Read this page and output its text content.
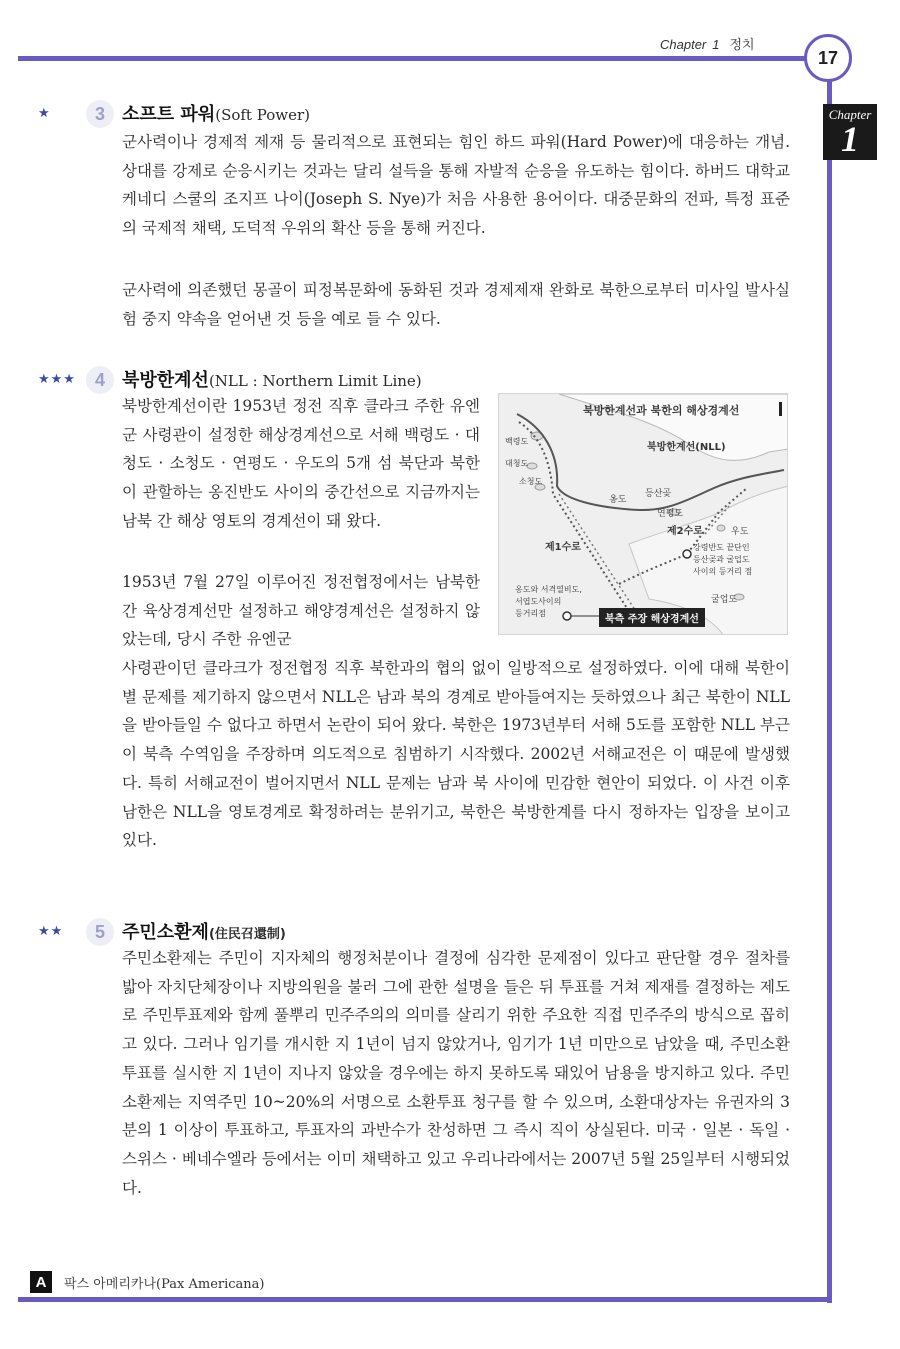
Chapter 1 정치
17
Chapter
1
★	3 소프트 파워(Soft Power)

군사력이나 경제적 제재 등 물리적으로 표현되는 힘인 하드 파워(Hard Power)에 대응하는 개념. 상대를 강제로 순응시키는 것과는 달리 설득을 통해 자발적 순응을 유도하는 힘이다. 하버드 대학교 케네디 스쿨의 조지프 나이(Joseph S. Nye)가 처음 사용한 용어이다. 대중문화의 전파, 특정 표준의 국제적 채택, 도덕적 우위의 확산 등을 통해 커진다.

군사력에 의존했던 몽골이 피정복문화에 동화된 것과 경제제재 완화로 북한으로부터 미사일 발사실험 중지 약속을 얻어낸 것 등을 예로 들 수 있다.

★★★	4 북방한계선(NLL : Northern Limit Line)

북방한계선이란 1953년 정전 직후 클라크 주한 유엔군 사령관이 설정한 해상경계선으로 서해 백령도 · 대청도 · 소청도 · 연평도 · 우도의 5개 섬 북단과 북한이 관할하는 옹진반도 사이의 중간선으로 지금까지는 남북 간 해상 영토의 경계선이 돼 왔다.

1953년 7월 27일 이루어진 정전협정에서는 남북한 간 육상경계선만 설정하고 해양경계선은 설정하지 않았는데, 당시 주한 유엔군

사령관이던 클라크가 정전협정 직후 북한과의 협의 없이 일방적으로 설정하였다. 이에 대해 북한이 별 문제를 제기하지 않으면서 NLL은 남과 북의 경계로 받아들여지는 듯하였으나 최근 북한이 NLL을 받아들일 수 없다고 하면서 논란이 되어 왔다. 북한은 1973년부터 서해 5도를 포함한 NLL 부근이 북측 수역임을 주장하며 의도적으로 침범하기 시작했다. 2002년 서해교전은 이 때문에 발생했다. 특히 서해교전이 벌어지면서 NLL 문제는 남과 북 사이에 민감한 현안이 되었다. 이 사건 이후 남한은 NLL을 영토경계로 확정하려는 분위기고, 북한은 북방한계를 다시 정하자는 입장을 보이고 있다.

북방한계선과 북한의 해상경계선
백령도
대청도
소청도
북방한계선(NLL)
옹도
등산곶
연평도
제2수로	우도
제1수로	강령반도 끝단인
등산곶과 굴업도
사이의 등거리 점
옹도와 서격열비도,
서엽도사이의
등거리점
굴업도
북측 주장 해상경계선
★★	5 주민소환제(住民召還制)

주민소환제는 주민이 지자체의 행정처분이나 결정에 심각한 문제점이 있다고 판단할 경우 절차를 밟아 자치단체장이나 지방의원을 불러 그에 관한 설명을 들은 뒤 투표를 거쳐 제재를 결정하는 제도로 주민투표제와 함께 풀뿌리 민주주의의 의미를 살리기 위한 주요한 직접 민주주의 방식으로 꼽히고 있다. 그러나 임기를 개시한 지 1년이 넘지 않았거나, 임기가 1년 미만으로 남았을 때, 주민소환투표를 실시한 지 1년이 지나지 않았을 경우에는 하지 못하도록 돼있어 남용을 방지하고 있다. 주민소환제는 지역주민 10~20%의 서명으로 소환투표 청구를 할 수 있으며, 소환대상자는 유권자의 3분의 1 이상이 투표하고, 투표자의 과반수가 찬성하면 그 즉시 직이 상실된다. 미국 · 일본 · 독일 · 스위스 · 베네수엘라 등에서는 이미 채택하고 있고 우리나라에서는 2007년 5월 25일부터 시행되었다.

A	팍스 아메리카나(Pax Americana)
